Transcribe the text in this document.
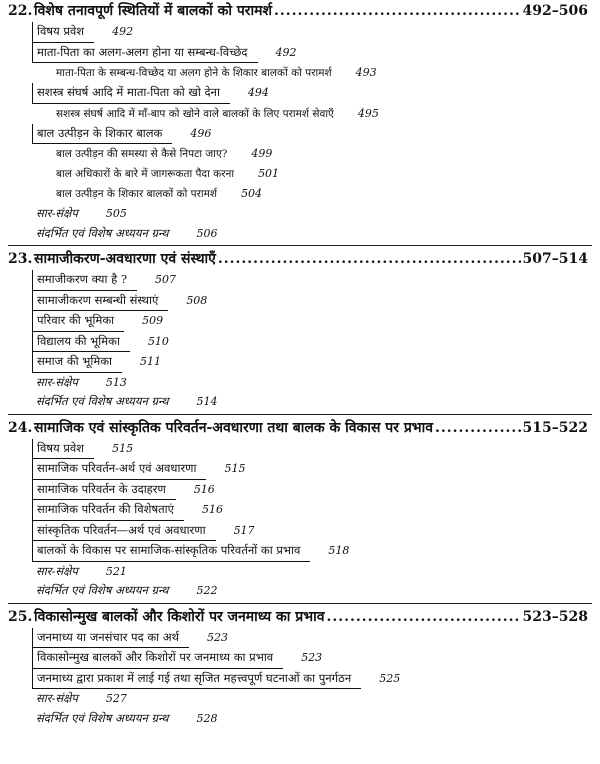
22. विशेष तनावपूर्ण स्थितियों में बालकों को परामर्श .....	492–506
विषय प्रवेश	492
माता-पिता का अलग-अलग होना या सम्बन्ध-विच्छेद	492
माता-पिता के सम्बन्ध-विच्छेद या अलग होने के शिकार बालकों को परामर्श	493
सशस्त्र संघर्ष आदि में माता-पिता को खो देना	494
सशस्त्र संघर्ष आदि में माँ-बाप को खोने वाले बालकों के लिए परामर्श सेवाएँ	495
बाल उत्पीड़न के शिकार बालक	496
बाल उत्पीड़न की समस्या से कैसे निपटा जाए?	499
बाल अधिकारों के बारे में जागरूकता पैदा करना	501
बाल उत्पीड़न के शिकार बालकों को परामर्श	504
सार-संक्षेप	505
संदर्भित एवं विशेष अध्ययन ग्रन्थ	506
23. सामाजीकरण-अवधारणा एवं संस्थाएँ .....	507–514
समाजीकरण क्या है ?	507
सामाजीकरण सम्बन्धी संस्थाएं	508
परिवार की भूमिका	509
विद्यालय की भूमिका	510
समाज की भूमिका	511
सार-संक्षेप	513
संदर्भित एवं विशेष अध्ययन ग्रन्थ	514
24. सामाजिक एवं सांस्कृतिक परिवर्तन-अवधारणा तथा बालक के विकास पर प्रभाव .....	515–522
विषय प्रवेश	515
सामाजिक परिवर्तन-अर्थ एवं अवधारणा	515
सामाजिक परिवर्तन के उदाहरण	516
सामाजिक परिवर्तन की विशेषताएं	516
सांस्कृतिक परिवर्तन—अर्थ एवं अवधारणा	517
बालकों के विकास पर सामाजिक-सांस्कृतिक परिवर्तनों का प्रभाव	518
सार-संक्षेप	521
संदर्भित एवं विशेष अध्ययन ग्रन्थ	522
25. विकासोन्मुख बालकों और किशोरों पर जनमाध्य का प्रभाव .....	523–528
जनमाध्य या जनसंचार पद का अर्थ	523
विकासोन्मुख बालकों और किशोरों पर जनमाध्य का प्रभाव	523
जनमाध्य द्वारा प्रकाश में लाई गई तथा सृजित महत्त्वपूर्ण घटनाओं का पुनर्गठन	525
सार-संक्षेप	527
संदर्भित एवं विशेष अध्ययन ग्रन्थ	528
